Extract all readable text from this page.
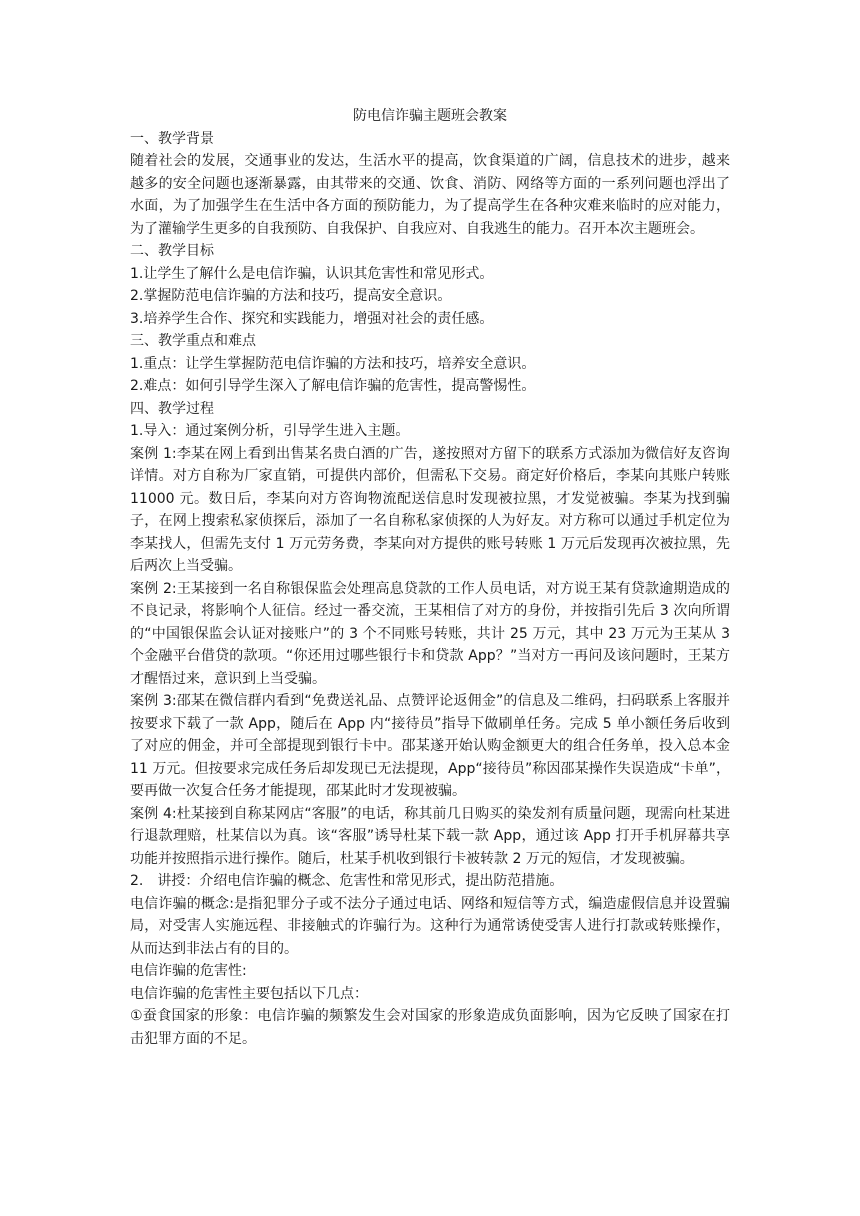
防电信诈骗主题班会教案

一、教学背景

随着社会的发展，交通事业的发达，生活水平的提高，饮食渠道的广阔，信息技术的进步，越来越多的安全问题也逐渐暴露，由其带来的交通、饮食、消防、网络等方面的一系列问题也浮出了水面，为了加强学生在生活中各方面的预防能力，为了提高学生在各种灾难来临时的应对能力，为了灌输学生更多的自我预防、自我保护、自我应对、自我逃生的能力。召开本次主题班会。

二、教学目标

1.让学生了解什么是电信诈骗，认识其危害性和常见形式。

2.掌握防范电信诈骗的方法和技巧，提高安全意识。

3.培养学生合作、探究和实践能力，增强对社会的责任感。

三、教学重点和难点

1.重点：让学生掌握防范电信诈骗的方法和技巧，培养安全意识。

2.难点：如何引导学生深入了解电信诈骗的危害性，提高警惕性。

四、教学过程

1.导入：通过案例分析，引导学生进入主题。

案例 1:李某在网上看到出售某名贵白酒的广告，遂按照对方留下的联系方式添加为微信好友咨询详情。对方自称为厂家直销，可提供内部价，但需私下交易。商定好价格后，李某向其账户转账 11000 元。数日后，李某向对方咨询物流配送信息时发现被拉黑，才发觉被骗。李某为找到骗子，在网上搜索私家侦探后，添加了一名自称私家侦探的人为好友。对方称可以通过手机定位为李某找人，但需先支付 1 万元劳务费，李某向对方提供的账号转账 1 万元后发现再次被拉黑，先后两次上当受骗。

案例 2:王某接到一名自称银保监会处理高息贷款的工作人员电话，对方说王某有贷款逾期造成的不良记录，将影响个人征信。经过一番交流，王某相信了对方的身份，并按指引先后 3 次向所谓的“中国银保监会认证对接账户”的 3 个不同账号转账，共计 25 万元，其中 23 万元为王某从 3 个金融平台借贷的款项。“你还用过哪些银行卡和贷款 App？”当对方一再问及该问题时，王某方才醒悟过来，意识到上当受骗。

案例 3:邵某在微信群内看到“免费送礼品、点赞评论返佣金”的信息及二维码，扫码联系上客服并按要求下载了一款 App，随后在 App 内“接待员”指导下做刷单任务。完成 5 单小额任务后收到了对应的佣金，并可全部提现到银行卡中。邵某遂开始认购金额更大的组合任务单，投入总本金 11 万元。但按要求完成任务后却发现已无法提现，App“接待员”称因邵某操作失误造成“卡单”，要再做一次复合任务才能提现，邵某此时才发现被骗。

案例 4:杜某接到自称某网店“客服”的电话，称其前几日购买的染发剂有质量问题，现需向杜某进行退款理赔，杜某信以为真。该“客服”诱导杜某下载一款 App，通过该 App 打开手机屏幕共享功能并按照指示进行操作。随后，杜某手机收到银行卡被转款 2 万元的短信，才发现被骗。

2.　讲授：介绍电信诈骗的概念、危害性和常见形式，提出防范措施。

电信诈骗的概念:是指犯罪分子或不法分子通过电话、网络和短信等方式，编造虚假信息并设置骗局，对受害人实施远程、非接触式的诈骗行为。这种行为通常诱使受害人进行打款或转账操作，从而达到非法占有的目的。

电信诈骗的危害性:

电信诈骗的危害性主要包括以下几点：

①蚕食国家的形象：电信诈骗的频繁发生会对国家的形象造成负面影响，因为它反映了国家在打击犯罪方面的不足。
